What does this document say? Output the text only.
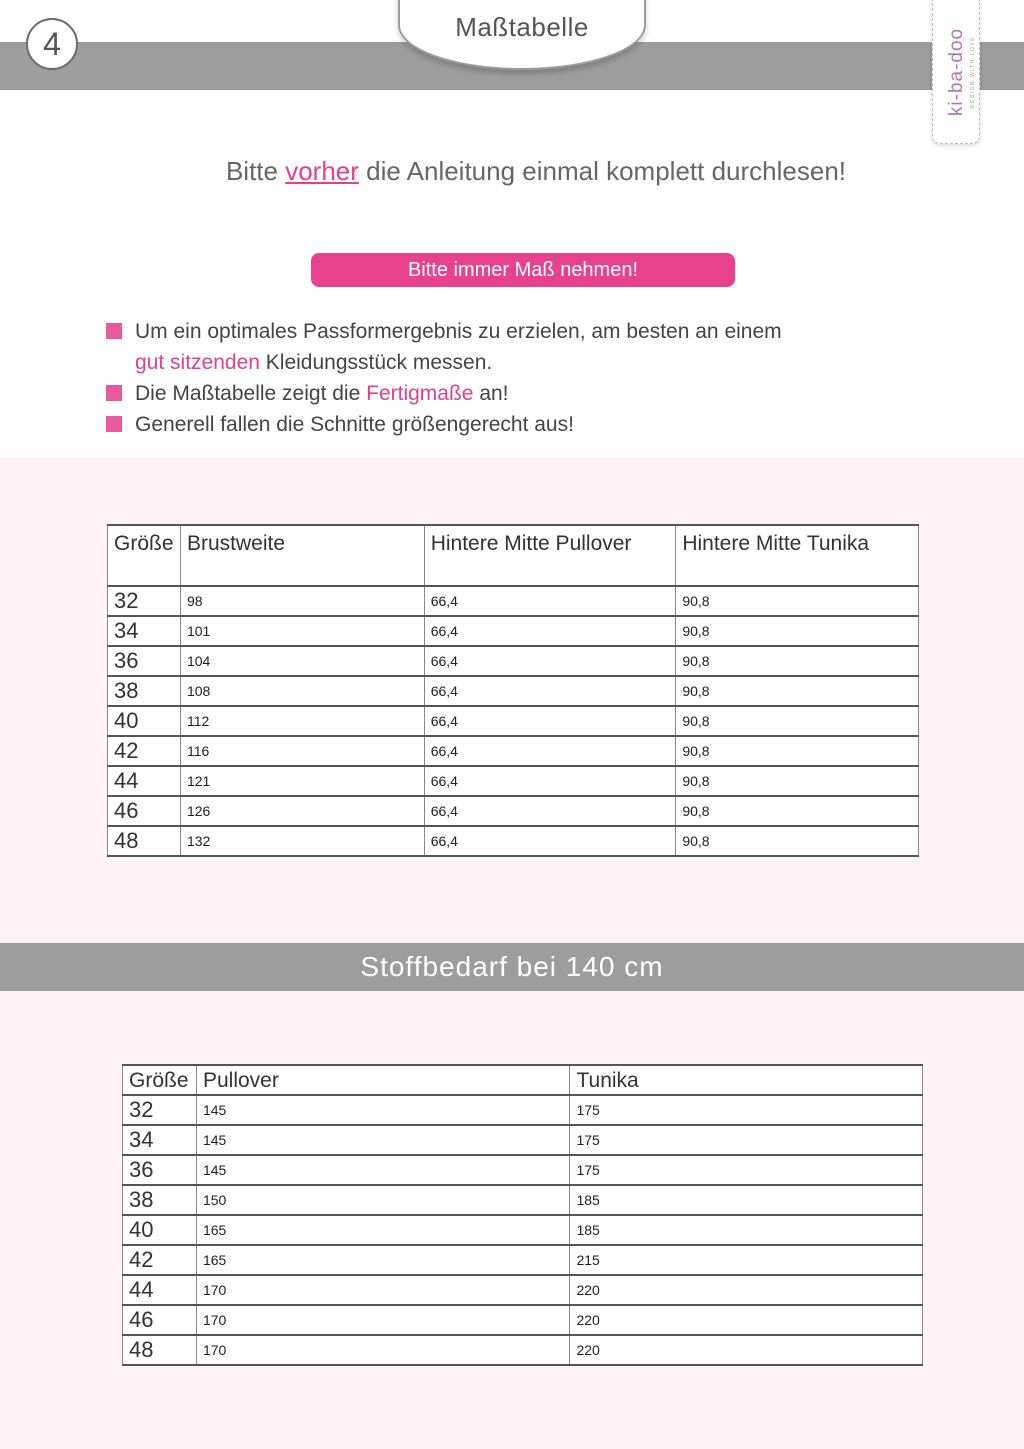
4	Maßtabelle
ki-ba-doo DESIGN WITH LOVE
Bitte vorher die Anleitung einmal komplett durchlesen!
Bitte immer Maß nehmen!
Um ein optimales Passformergebnis zu erzielen, am besten an einem
gut sitzenden Kleidungsstück messen.
Die Maßtabelle zeigt die Fertigmaße an!
Generell fallen die Schnitte größengerecht aus!
Größe	Brustweite	Hintere Mitte Pullover	Hintere Mitte Tunika
32	98	66,4	90,8
34	101	66,4	90,8
36	104	66,4	90,8
38	108	66,4	90,8
40	112	66,4	90,8
42	116	66,4	90,8
44	121	66,4	90,8
46	126	66,4	90,8
48	132	66,4	90,8
Stoffbedarf bei 140 cm
Größe	Pullover	Tunika
32	145	175
34	145	175
36	145	175
38	150	185
40	165	185
42	165	215
44	170	220
46	170	220
48	170	220
